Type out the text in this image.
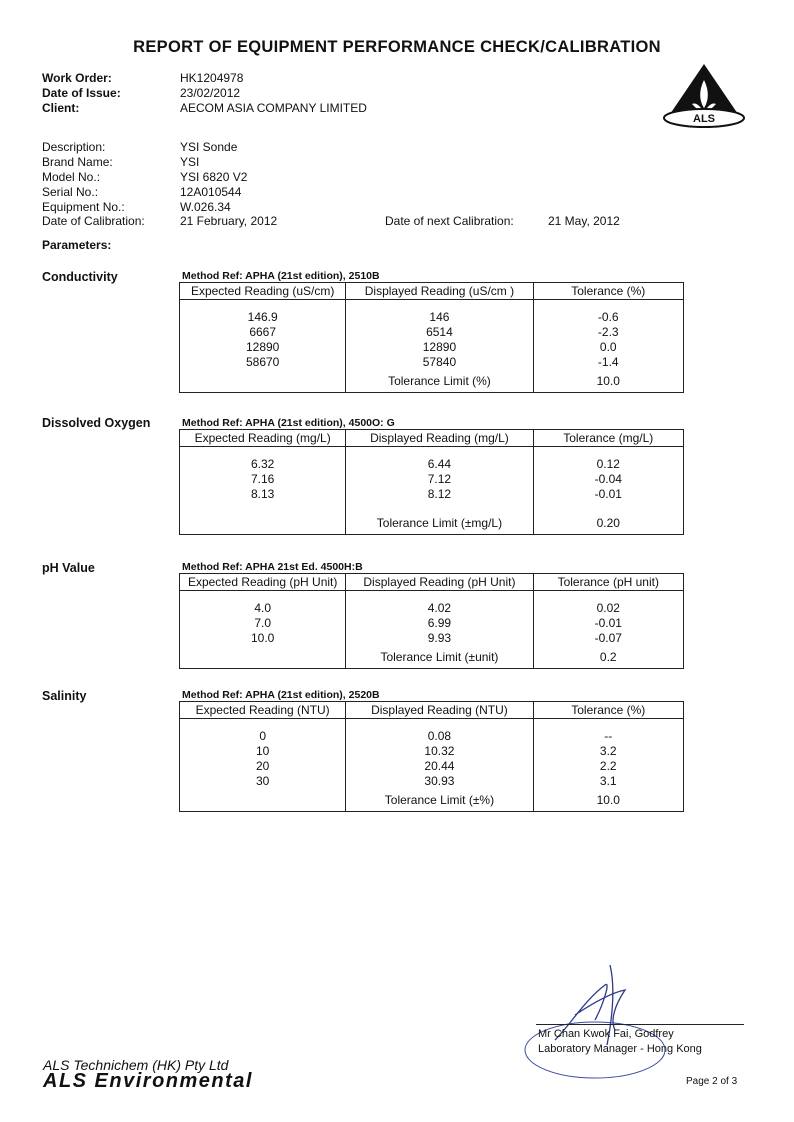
REPORT OF EQUIPMENT PERFORMANCE CHECK/CALIBRATION
ALS
Work Order:	HK1204978
Date of Issue:	23/02/2012
Client:	AECOM ASIA COMPANY LIMITED
Description:	YSI Sonde
Brand Name:	YSI
Model No.:	YSI 6820 V2
Serial No.:	12A010544
Equipment No.:	W.026.34
Date of Calibration:	21 February, 2012	Date of next Calibration:	21 May, 2012
Parameters:
Conductivity	Method Ref: APHA (21st edition), 2510B
Expected Reading (uS/cm)	Displayed Reading (uS/cm )	Tolerance (%)

146.9	146	-0.6
6667	6514	-2.3
12890	12890	0.0
58670	57840	-1.4
	Tolerance Limit (%)	10.0
Dissolved Oxygen	Method Ref: APHA (21st edition), 4500O: G
Expected Reading (mg/L)	Displayed Reading (mg/L)	Tolerance (mg/L)

6.32	6.44	0.12
7.16	7.12	-0.04
8.13	8.12	-0.01

	Tolerance Limit (±mg/L)	0.20
pH Value	Method Ref: APHA 21st Ed. 4500H:B
Expected Reading (pH Unit)	Displayed Reading (pH Unit)	Tolerance (pH unit)

4.0	4.02	0.02
7.0	6.99	-0.01
10.0	9.93	-0.07
	Tolerance Limit (±unit)	0.2
Salinity	Method Ref: APHA (21st edition), 2520B
Expected Reading (NTU)	Displayed Reading (NTU)	Tolerance (%)

0	0.08	--
10	10.32	3.2
20	20.44	2.2
30	30.93	3.1
	Tolerance Limit (±%)	10.0
Mr Chan Kwok Fai, Godfrey
Laboratory Manager - Hong Kong
ALS Technichem (HK) Pty Ltd
ALS Environmental	Page 2 of 3
